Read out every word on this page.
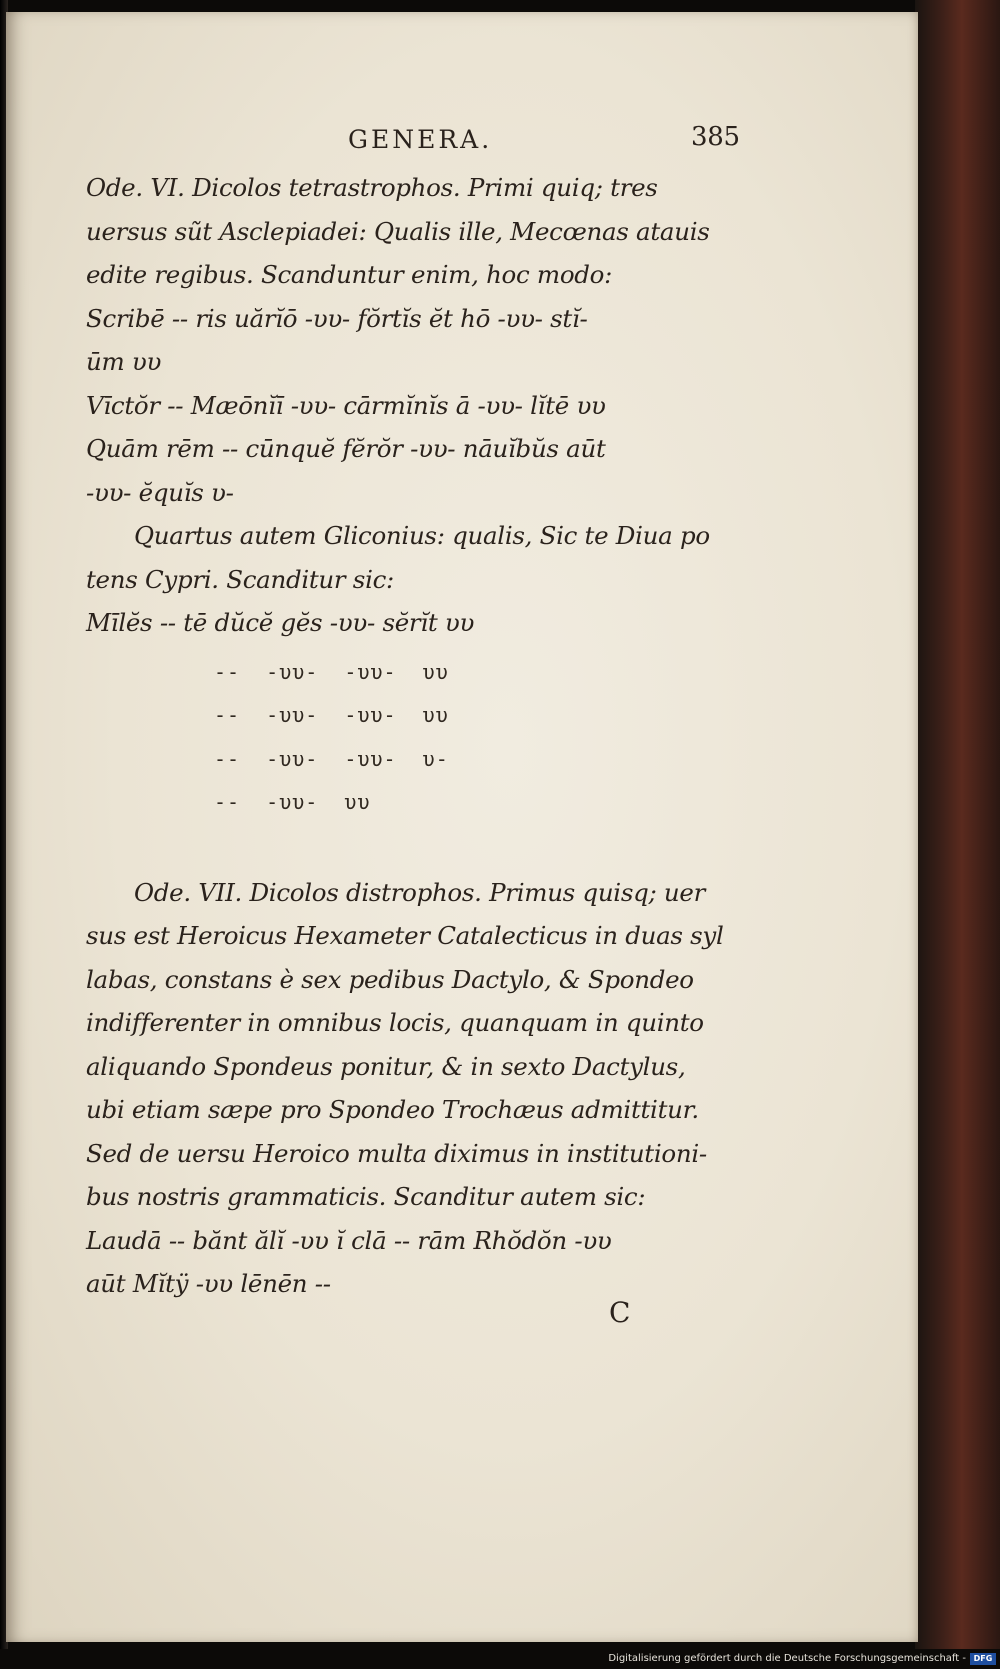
GENERA.	385
Ode. VI. Dicolos tetrastrophos. Primi quiq; tres
uersus sũt Asclepiadei: Qualis ille, Mecœnas atauis
edite regibus. Scanduntur enim, hoc modo:
Scribē -- ris uărĭō -υυ- fŏrtĭs ĕt hō -υυ- stĭ-
ūm υυ
Vīctŏr -- Mæōnĭī -υυ- cārmĭnĭs ā -υυ- lĭtē υυ
Quām rēm -- cūnquĕ fĕrŏr -υυ- nāuĭbŭs aūt
-υυ- ĕquĭs υ-
Quartus autem Gliconius: qualis, Sic te Diua po
tens Cypri. Scanditur sic:
Mīlĕs -- tē dŭcĕ gĕs -υυ- sĕrĭt υυ
--  -υυ-  -υυ-  υυ
--  -υυ-  -υυ-  υυ
--  -υυ-  -υυ-  υ-
--  -υυ-  υυ
Ode. VII. Dicolos distrophos. Primus quisq; uer
sus est Heroicus Hexameter Catalecticus in duas syl
labas, constans è sex pedibus Dactylo, & Spondeo
indifferenter in omnibus locis, quanquam in quinto
aliquando Spondeus ponitur, & in sexto Dactylus,
ubi etiam sæpe pro Spondeo Trochæus admittitur.
Sed de uersu Heroico multa diximus in institutioni-
bus nostris grammaticis. Scanditur autem sic:
Laudā -- bănt ălĭ -υυ ĭ clā -- rām Rhŏdŏn -υυ
aūt Mĭtÿ -υυ lēnēn --
C
Digitalisierung gefördert durch die Deutsche Forschungsgemeinschaft - DFG
